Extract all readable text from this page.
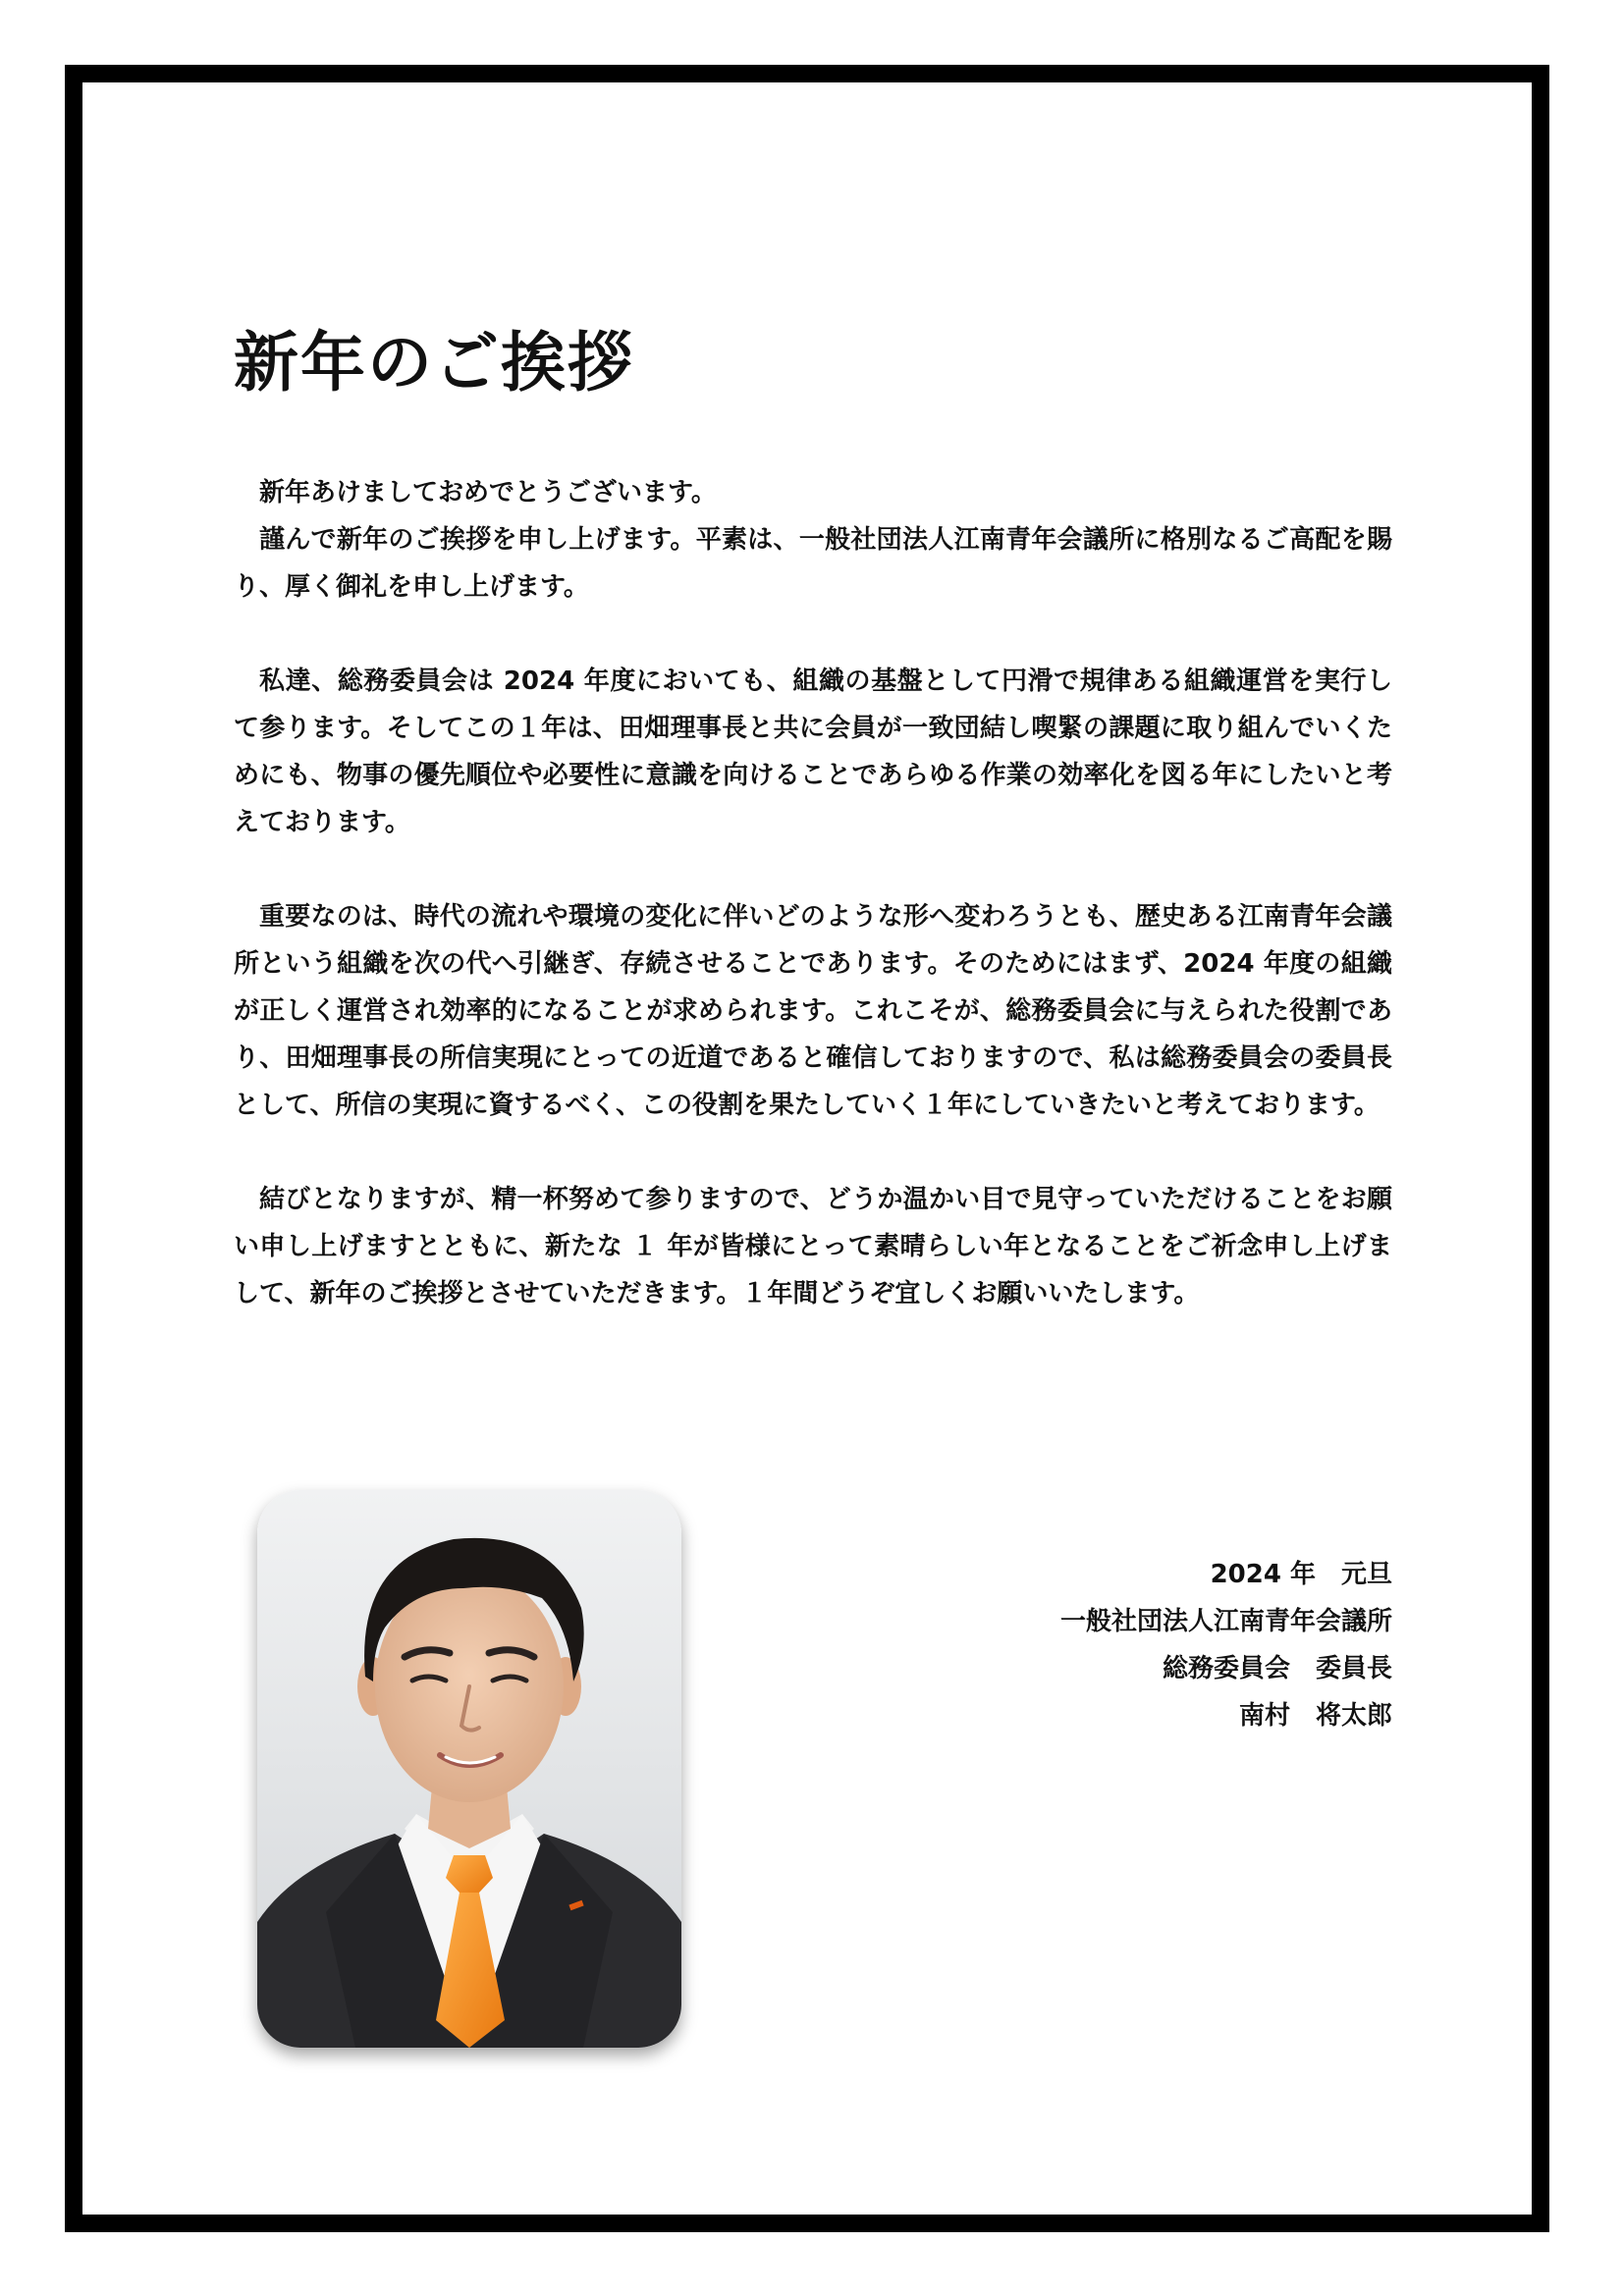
新年のご挨拶

新年あけましておめでとうございます。

謹んで新年のご挨拶を申し上げます。平素は、一般社団法人江南青年会議所に格別なるご高配を賜り、厚く御礼を申し上げます。

私達、総務委員会は 2024 年度においても、組織の基盤として円滑で規律ある組織運営を実行して参ります。そしてこの１年は、田畑理事長と共に会員が一致団結し喫緊の課題に取り組んでいくためにも、物事の優先順位や必要性に意識を向けることであらゆる作業の効率化を図る年にしたいと考えております。

重要なのは、時代の流れや環境の変化に伴いどのような形へ変わろうとも、歴史ある江南青年会議所という組織を次の代へ引継ぎ、存続させることであります。そのためにはまず、2024 年度の組織が正しく運営され効率的になることが求められます。これこそが、総務委員会に与えられた役割であり、田畑理事長の所信実現にとっての近道であると確信しておりますので、私は総務委員会の委員長として、所信の実現に資するべく、この役割を果たしていく１年にしていきたいと考えております。

結びとなりますが、精一杯努めて参りますので、どうか温かい目で見守っていただけることをお願い申し上げますとともに、新たな １ 年が皆様にとって素晴らしい年となることをご祈念申し上げまして、新年のご挨拶とさせていただきます。１年間どうぞ宜しくお願いいたします。

2024 年　元旦
一般社団法人江南青年会議所
総務委員会　委員長
南村　将太郎
